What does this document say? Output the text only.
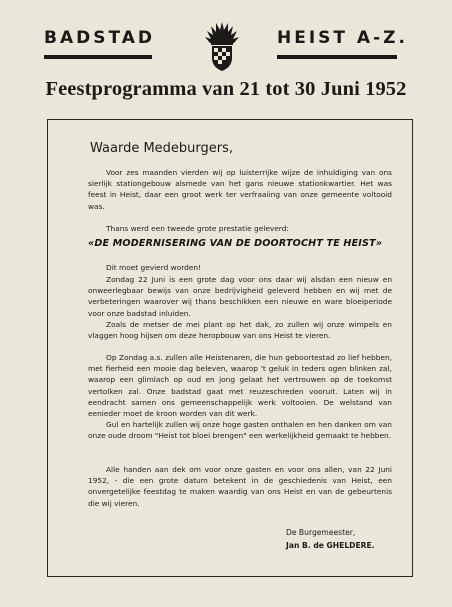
BADSTAD	HEIST A-Z.
Feestprogramma van 21 tot 30 Juni 1952
Waarde Medeburgers,
Voor zes maanden vierden wij op luisterrijke wijze de inhuldiging van ons sierlijk stationgebouw alsmede van het gans nieuwe stationkwartier. Het was feest in Heist, daar een groot werk ter verfraaiing van onze gemeente voltooid was.
Thans werd een tweede grote prestatie geleverd:
«DE MODERNISERING VAN DE DOORTOCHT TE HEIST»
Dit moet gevierd worden!
Zondag 22 Juni is een grote dag voor ons daar wij alsdan een nieuw en onweerlegbaar bewijs van onze bedrijvigheid geleverd hebben en wij met de verbeteringen waarover wij thans beschikken een nieuwe en ware bloeiperiode voor onze badstad inluiden.
Zoals de metser de mei plant op het dak, zo zullen wij onze wimpels en vlaggen hoog hijsen om deze heropbouw van ons Heist te vieren.
Op Zondag a.s. zullen alle Heistenaren, die hun geboortestad zo lief hebben, met fierheid een mooie dag beleven, waarop 't geluk in teders ogen blinken zal, waarop een glimlach op oud en jong gelaat het vertrouwen op de toekomst vertolken zal. Onze badstad gaat met reuzeschreden vooruit. Laten wij in eendracht samen ons gemeenschappelijk werk voltooien. De welstand van eenieder moet de kroon worden van dit werk.
Gul en hartelijk zullen wij onze hoge gasten onthalen en hen danken om van onze oude droom "Heist tot bloei brengen" een werkelijkheid gemaakt te hebben.
Alle handen aan dek om voor onze gasten en voor ons allen, van 22 Juni 1952, - die een grote datum betekent in de geschiedenis van Heist, een onvergetelijke feestdag te maken waardig van ons Heist en van de gebeurtenis die wij vieren.
De Burgemeester,
Jan B. de GHELDERE.
